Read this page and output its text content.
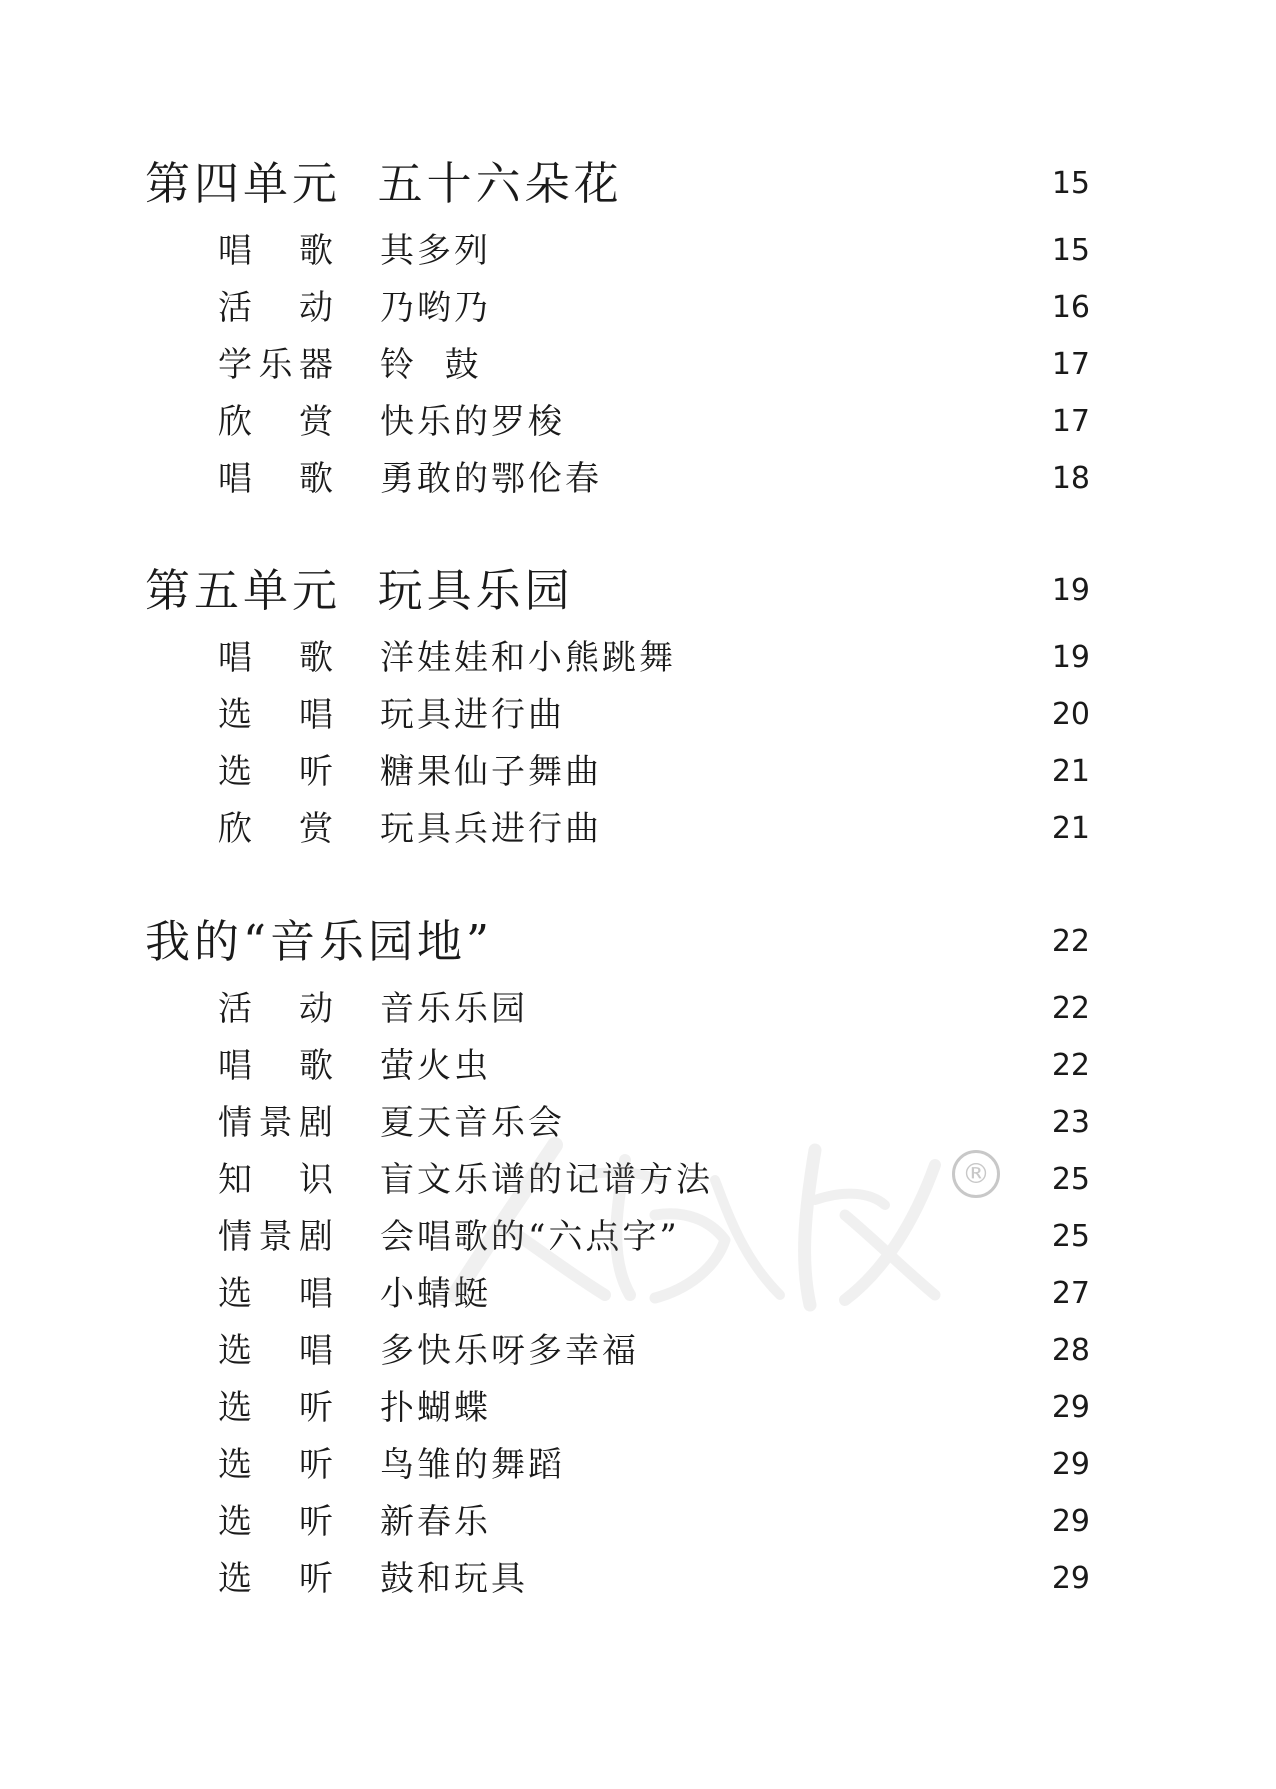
第四单元  五十六朵花	15
唱歌 其多列	15
活动 乃哟乃	16
学乐器 铃  鼓	17
欣赏 快乐的罗梭	17
唱歌 勇敢的鄂伦春	18
第五单元  玩具乐园	19
唱歌 洋娃娃和小熊跳舞	19
选唱 玩具进行曲	20
选听 糖果仙子舞曲	21
欣赏 玩具兵进行曲	21
我的“音乐园地”	22
活动 音乐乐园	22
唱歌 萤火虫	22
情景剧 夏天音乐会	23
知识 盲文乐谱的记谱方法	25
情景剧 会唱歌的“六点字”	25
选唱 小蜻蜓	27
选唱 多快乐呀多幸福	28
选听 扑蝴蝶	29
选听 鸟雏的舞蹈	29
选听 新春乐	29
选听 鼓和玩具	29
®
